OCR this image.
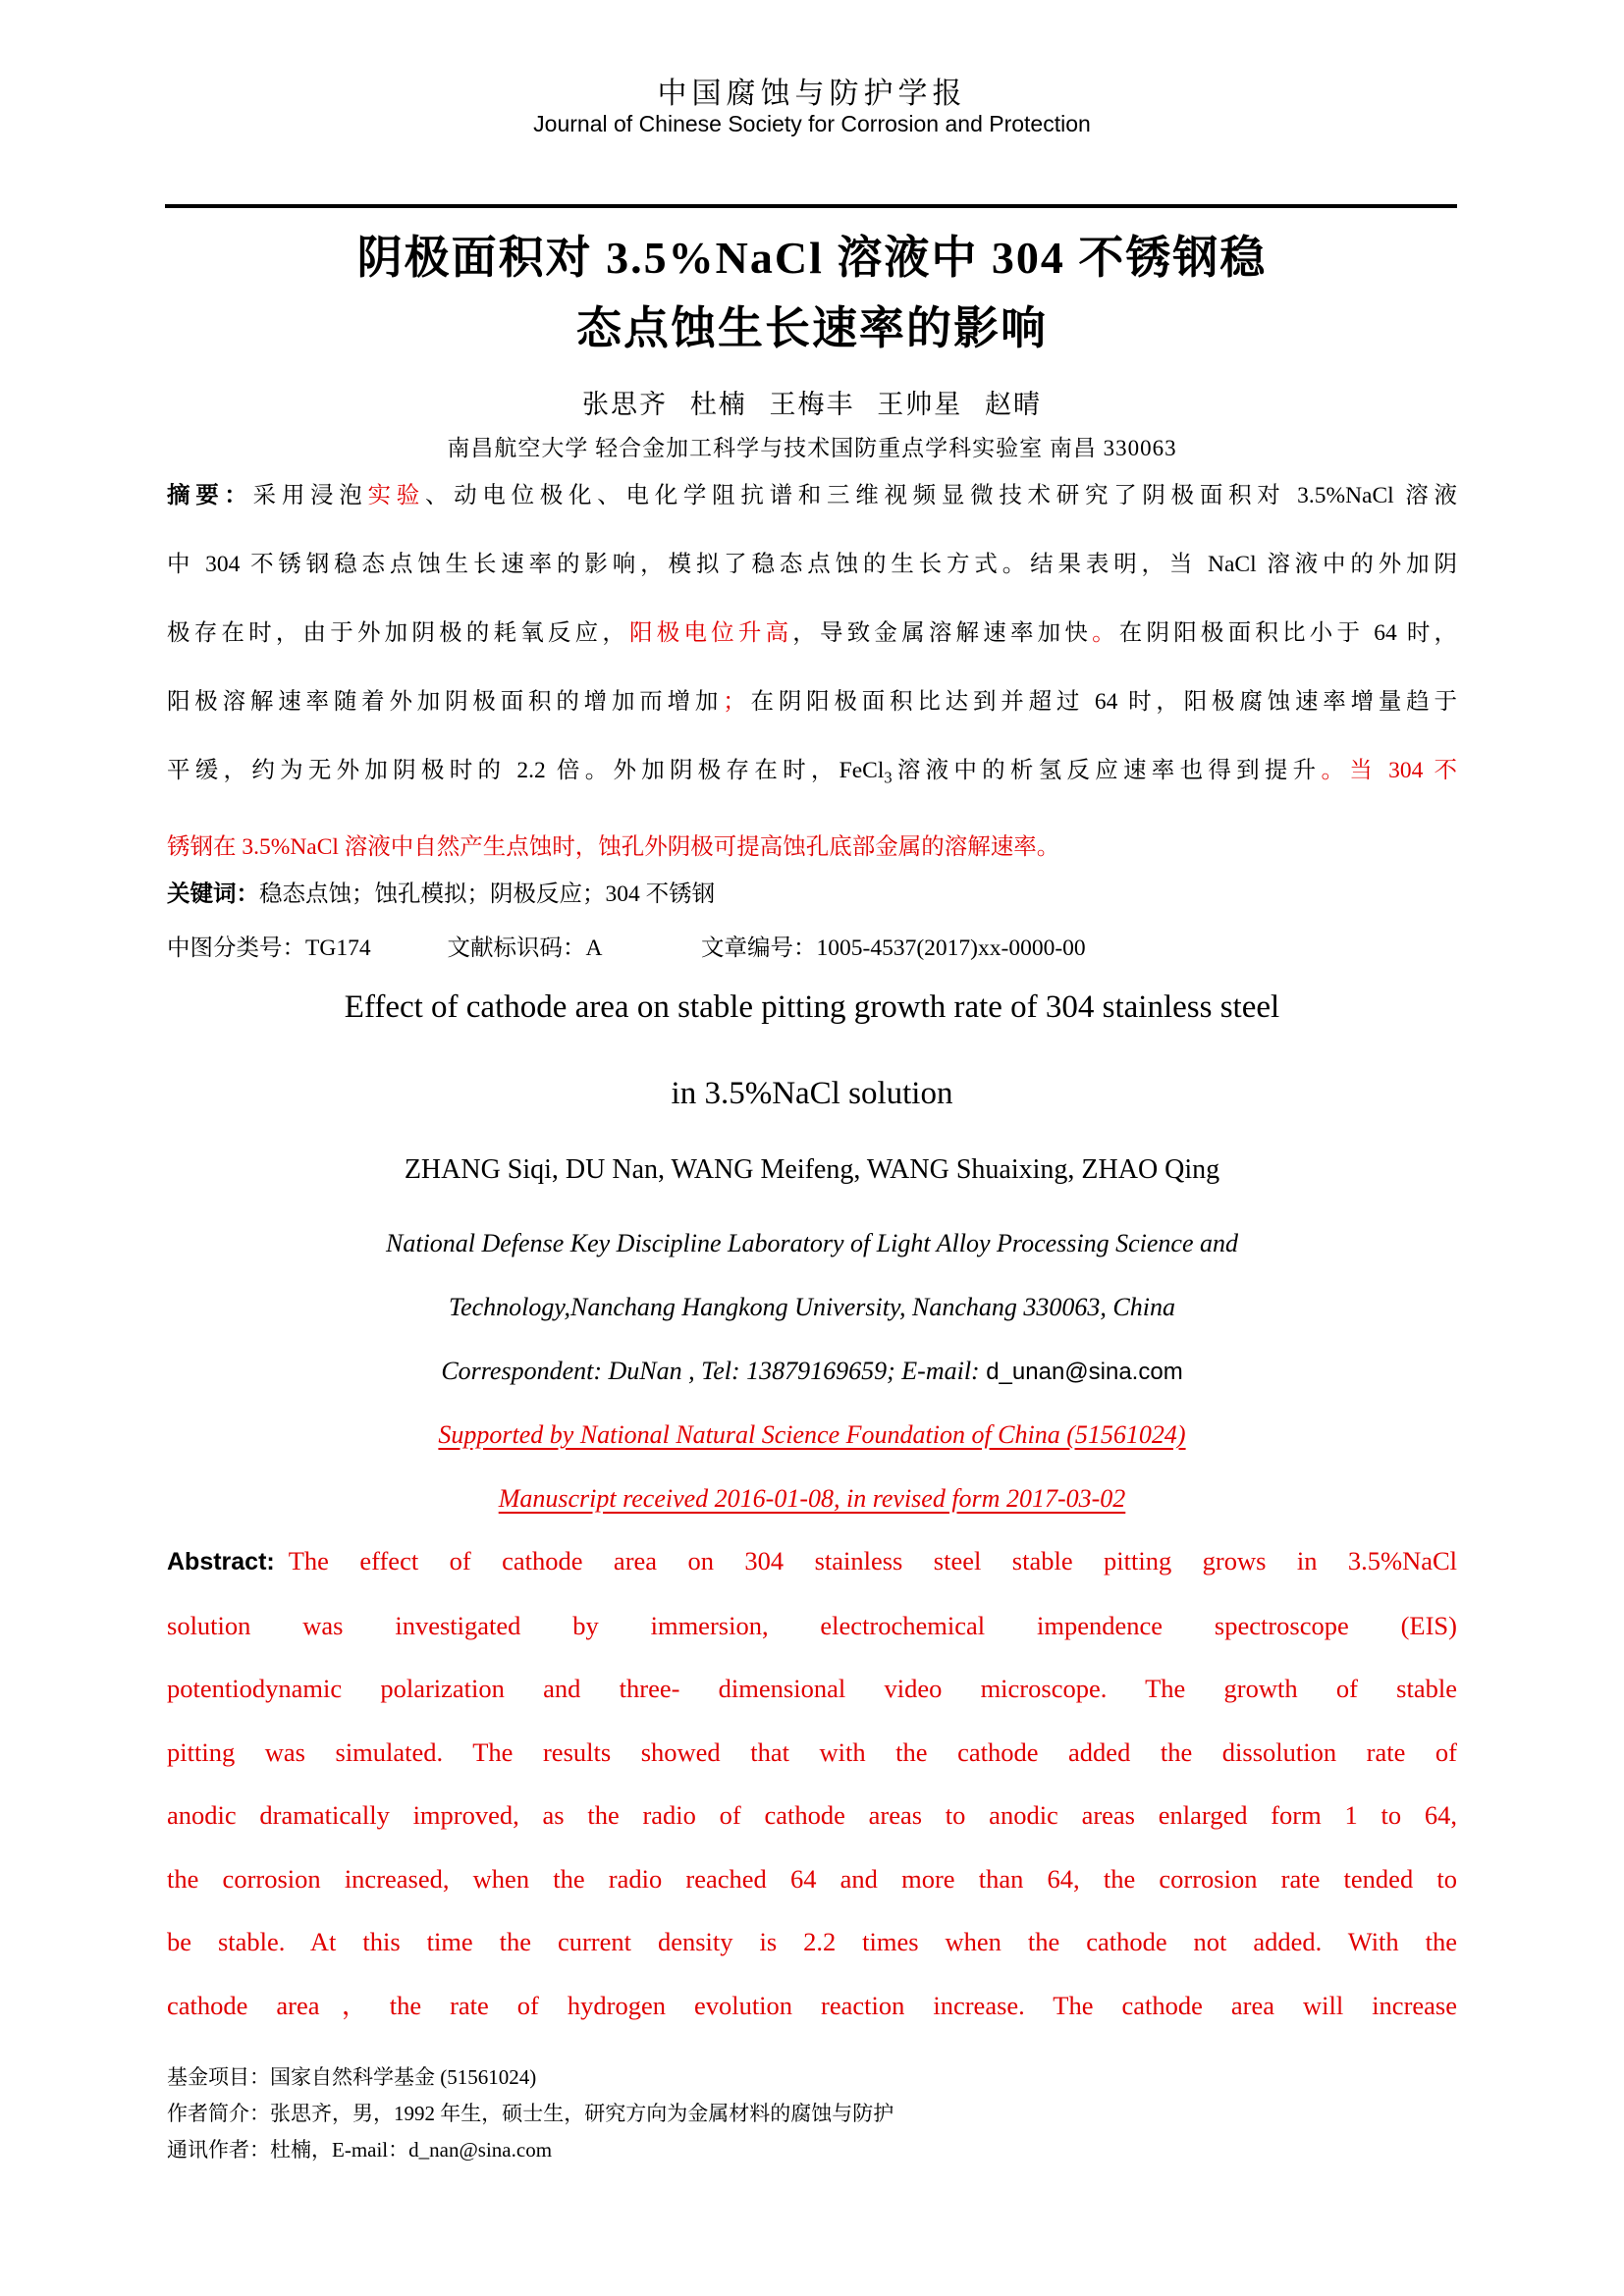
中国腐蚀与防护学报
Journal of Chinese Society for Corrosion and Protection
阴极面积对 3.5%NaCl 溶液中 304 不锈钢稳
态点蚀生长速率的影响
张思齐 杜楠 王梅丰 王帅星 赵晴
南昌航空大学 轻合金加工科学与技术国防重点学科实验室 南昌 330063
摘要：采用浸泡实验、动电位极化、电化学阻抗谱和三维视频显微技术研究了阴极面积对 3.5%NaCl 溶液
中 304 不锈钢稳态点蚀生长速率的影响，模拟了稳态点蚀的生长方式。结果表明，当 NaCl 溶液中的外加阴
极存在时，由于外加阴极的耗氧反应，阳极电位升高，导致金属溶解速率加快。在阴阳极面积比小于 64 时，
阳极溶解速率随着外加阴极面积的增加而增加；在阴阳极面积比达到并超过 64 时，阳极腐蚀速率增量趋于
平缓，约为无外加阴极时的 2.2 倍。外加阴极存在时，FeCl$_3$溶液中的析氢反应速率也得到提升。当 304 不
锈钢在 3.5%NaCl 溶液中自然产生点蚀时，蚀孔外阴极可提高蚀孔底部金属的溶解速率。
关键词：稳态点蚀；蚀孔模拟；阴极反应；304 不锈钢
中图分类号：TG174	文献标识码：A	文章编号：1005-4537(2017)xx-0000-00
Effect of cathode area on stable pitting growth rate of 304 stainless steel
in 3.5%NaCl solution
ZHANG Siqi, DU Nan, WANG Meifeng, WANG Shuaixing, ZHAO Qing
National Defense Key Discipline Laboratory of Light Alloy Processing Science and
Technology,Nanchang Hangkong University, Nanchang 330063, China
Correspondent: DuNan , Tel: 13879169659; E-mail: d_unan@sina.com
Supported by National Natural Science Foundation of China (51561024)
Manuscript received 2016-01-08, in revised form 2017-03-02
Abstract: The effect of cathode area on 304 stainless steel stable pitting grows in 3.5%NaCl
solution was investigated by immersion, electrochemical impendence spectroscope (EIS)
potentiodynamic polarization and three- dimensional video microscope. The growth of stable
pitting was simulated. The results showed that with the cathode added the dissolution rate of
anodic dramatically improved, as the radio of cathode areas to anodic areas enlarged form 1 to 64,
the corrosion increased, when the radio reached 64 and more than 64, the corrosion rate tended to
be stable. At this time the current density is 2.2 times when the cathode not added. With the
cathode area，the rate of hydrogen evolution reaction increase. The cathode area will increase
基金项目：国家自然科学基金 (51561024)
作者简介：张思齐，男，1992 年生，硕士生，研究方向为金属材料的腐蚀与防护
通讯作者：杜楠，E-mail：d_nan@sina.com
